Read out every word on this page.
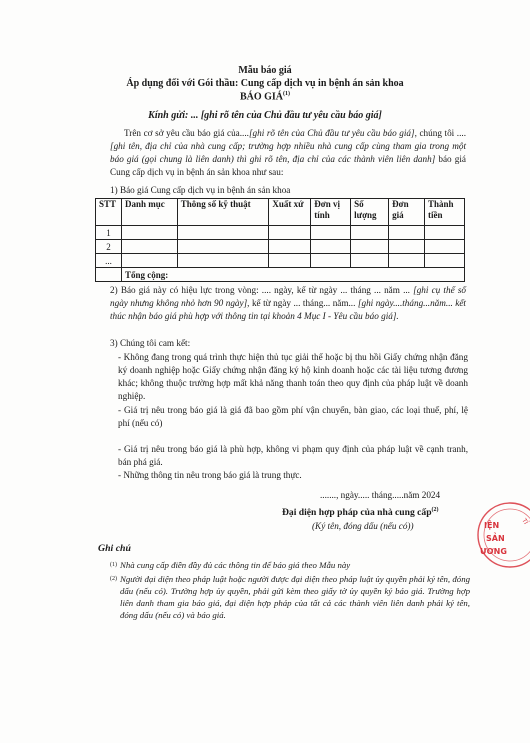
Mẫu báo giá
Áp dụng đối với Gói thầu: Cung cấp dịch vụ in bệnh án sản khoa
BÁO GIÁ$^{(1)}$
Kính gửi: ... [ghi rõ tên của Chủ đầu tư yêu cầu báo giá]
Trên cơ sở yêu cầu báo giá của....[ghi rõ tên của Chủ đầu tư yêu cầu báo giá], chúng tôi ....[ghi tên, địa chỉ của nhà cung cấp; trường hợp nhiều nhà cung cấp cùng tham gia trong một báo giá (gọi chung là liên danh) thì ghi rõ tên, địa chỉ của các thành viên liên danh] báo giá Cung cấp dịch vụ in bệnh án sản khoa như sau:
1) Báo giá Cung cấp dịch vụ in bệnh án sản khoa
STT	Danh mục	Thông số kỹ thuật	Xuất xứ	Đơn vị tính	Số lượng	Đơn giá	Thành tiền
1							
2							
...							
	Tổng cộng:						
2) Báo giá này có hiệu lực trong vòng: .... ngày, kể từ ngày ... tháng ... năm ... [ghi cụ thể số ngày nhưng không nhỏ hơn 90 ngày], kể từ ngày ... tháng... năm... [ghi ngày....tháng...năm... kết thúc nhận báo giá phù hợp với thông tin tại khoản 4 Mục I - Yêu cầu báo giá].
3) Chúng tôi cam kết:
- Không đang trong quá trình thực hiện thủ tục giải thể hoặc bị thu hồi Giấy chứng nhận đăng ký doanh nghiệp hoặc Giấy chứng nhận đăng ký hộ kinh doanh hoặc các tài liệu tương đương khác; không thuộc trường hợp mất khả năng thanh toán theo quy định của pháp luật về doanh nghiệp.
- Giá trị nêu trong báo giá là giá đã bao gồm phí vận chuyển, bàn giao, các loại thuế, phí, lệ phí (nếu có)
- Giá trị nêu trong báo giá là phù hợp, không vi phạm quy định của pháp luật về cạnh tranh, bán phá giá.
- Những thông tin nêu trong báo giá là trung thực.
......., ngày..... tháng.....năm 2024
Đại diện hợp pháp của nhà cung cấp$^{(2)}$
(Ký tên, đóng dấu (nếu có))	IỆN
SẢN
ƯƠNG
TỈ
Ghi chú
(1) Nhà cung cấp điền đầy đủ các thông tin để báo giá theo Mẫu này
(2) Người đại diện theo pháp luật hoặc người được đại diện theo pháp luật ủy quyền phải ký tên, đóng dấu (nếu có). Trường hợp ủy quyền, phải gửi kèm theo giấy tờ ủy quyền ký báo giá. Trường hợp liên danh tham gia báo giá, đại diện hợp pháp của tất cả các thành viên liên danh phải ký tên, đóng dấu (nếu có) và báo giá.
